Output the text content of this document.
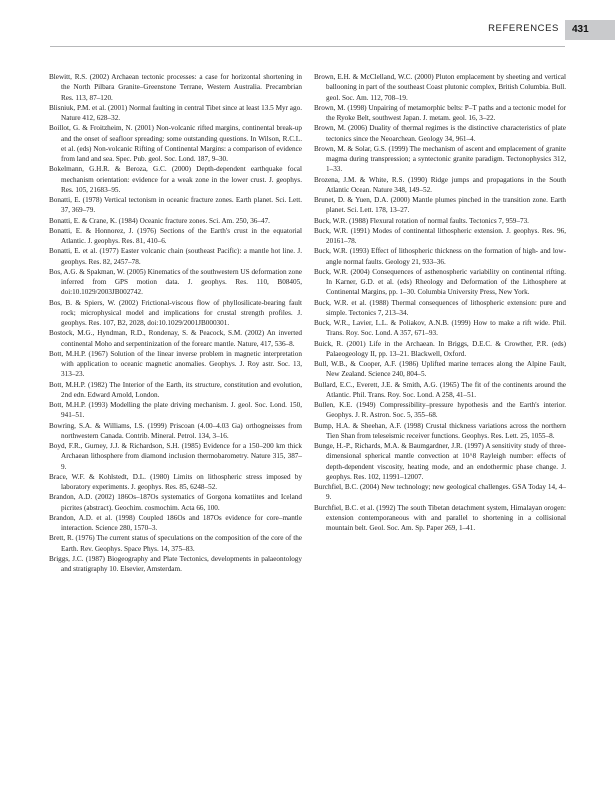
REFERENCES	431

Blewitt, R.S. (2002) Archaean tectonic processes: a case for horizontal shortening in the North Pilbara Granite–Greenstone Terrane, Western Australia. Precambrian Res. 113, 87–120.

Blisniuk, P.M. et al. (2001) Normal faulting in central Tibet since at least 13.5 Myr ago. Nature 412, 628–32.

Boillot, G. & Froitzheim, N. (2001) Non-volcanic rifted margins, continental break-up and the onset of seafloor spreading: some outstanding questions. In Wilson, R.C.L. et al. (eds) Non-volcanic Rifting of Continental Margins: a comparison of evidence from land and sea. Spec. Pub. geol. Soc. Lond. 187, 9–30.

Bokelmann, G.H.R. & Beroza, G.C. (2000) Depth-dependent earthquake focal mechanism orientation: evidence for a weak zone in the lower crust. J. geophys. Res. 105, 21683–95.

Bonatti, E. (1978) Vertical tectonism in oceanic fracture zones. Earth planet. Sci. Lett. 37, 369–79.

Bonatti, E. & Crane, K. (1984) Oceanic fracture zones. Sci. Am. 250, 36–47.

Bonatti, E. & Honnorez, J. (1976) Sections of the Earth's crust in the equatorial Atlantic. J. geophys. Res. 81, 410–6.

Bonatti, E. et al. (1977) Easter volcanic chain (southeast Pacific): a mantle hot line. J. geophys. Res. 82, 2457–78.

Bos, A.G. & Spakman, W. (2005) Kinematics of the southwestern US deformation zone inferred from GPS motion data. J. geophys. Res. 110, B08405, doi:10.1029/2003JB002742.

Bos, B. & Spiers, W. (2002) Frictional-viscous flow of phyllosilicate-bearing fault rock; microphysical model and implications for crustal strength profiles. J. geophys. Res. 107, B2, 2028, doi:10.1029/2001JB000301.

Bostock, M.G., Hyndman, R.D., Rondenay, S. & Peacock, S.M. (2002) An inverted continental Moho and serpentinization of the forearc mantle. Nature, 417, 536–8.

Bott, M.H.P. (1967) Solution of the linear inverse problem in magnetic interpretation with application to oceanic magnetic anomalies. Geophys. J. Roy astr. Soc. 13, 313–23.

Bott, M.H.P. (1982) The Interior of the Earth, its structure, constitution and evolution, 2nd edn. Edward Arnold, London.

Bott, M.H.P. (1993) Modelling the plate driving mechanism. J. geol. Soc. Lond. 150, 941–51.

Bowring, S.A. & Williams, I.S. (1999) Priscoan (4.00–4.03 Ga) orthogneisses from northwestern Canada. Contrib. Mineral. Petrol. 134, 3–16.

Boyd, F.R., Gurney, J.J. & Richardson, S.H. (1985) Evidence for a 150–200 km thick Archaean lithosphere from diamond inclusion thermobarometry. Nature 315, 387–9.

Brace, W.F. & Kohlstedt, D.L. (1980) Limits on lithospheric stress imposed by laboratory experiments. J. geophys. Res. 85, 6248–52.

Brandon, A.D. (2002) 186Os–187Os systematics of Gorgona komatiites and Iceland picrites (abstract). Geochim. cosmochim. Acta 66, 100.

Brandon, A.D. et al. (1998) Coupled 186Os and 187Os evidence for core–mantle interaction. Science 280, 1570–3.

Brett, R. (1976) The current status of speculations on the composition of the core of the Earth. Rev. Geophys. Space Phys. 14, 375–83.

Briggs, J.C. (1987) Biogeography and Plate Tectonics, developments in palaeontology and stratigraphy 10. Elsevier, Amsterdam.

Brown, E.H. & McClelland, W.C. (2000) Pluton emplacement by sheeting and vertical ballooning in part of the southeast Coast plutonic complex, British Columbia. Bull. geol. Soc. Am. 112, 708–19.

Brown, M. (1998) Unpairing of metamorphic belts: P–T paths and a tectonic model for the Ryoke Belt, southwest Japan. J. metam. geol. 16, 3–22.

Brown, M. (2006) Duality of thermal regimes is the distinctive characteristics of plate tectonics since the Neoarchean. Geology 34, 961–4.

Brown, M. & Solar, G.S. (1999) The mechanism of ascent and emplacement of granite magma during transpression; a syntectonic granite paradigm. Tectonophysics 312, 1–33.

Brozena, J.M. & White, R.S. (1990) Ridge jumps and propagations in the South Atlantic Ocean. Nature 348, 149–52.

Brunet, D. & Yuen, D.A. (2000) Mantle plumes pinched in the transition zone. Earth planet. Sci. Lett. 178, 13–27.

Buck, W.R. (1988) Flexural rotation of normal faults. Tectonics 7, 959–73.

Buck, W.R. (1991) Modes of continental lithospheric extension. J. geophys. Res. 96, 20161–78.

Buck, W.R. (1993) Effect of lithospheric thickness on the formation of high- and low-angle normal faults. Geology 21, 933–36.

Buck, W.R. (2004) Consequences of asthenospheric variability on continental rifting. In Karner, G.D. et al. (eds) Rheology and Deformation of the Lithosphere at Continental Margins, pp. 1–30. Columbia University Press, New York.

Buck, W.R. et al. (1988) Thermal consequences of lithospheric extension: pure and simple. Tectonics 7, 213–34.

Buck, W.R., Lavier, L.L. & Poliakov, A.N.B. (1999) How to make a rift wide. Phil. Trans. Roy. Soc. Lond. A 357, 671–93.

Buick, R. (2001) Life in the Archaean. In Briggs, D.E.C. & Crowther, P.R. (eds) Palaeogeology II, pp. 13–21. Blackwell, Oxford.

Bull, W.B., & Cooper, A.F. (1986) Uplifted marine terraces along the Alpine Fault, New Zealand. Science 240, 804–5.

Bullard, E.C., Everett, J.E. & Smith, A.G. (1965) The fit of the continents around the Atlantic. Phil. Trans. Roy. Soc. Lond. A 258, 41–51.

Bullen, K.E. (1949) Compressibility–pressure hypothesis and the Earth's interior. Geophys. J. R. Astron. Soc. 5, 355–68.

Bump, H.A. & Sheehan, A.F. (1998) Crustal thickness variations across the northern Tien Shan from teleseismic receiver functions. Geophys. Res. Lett. 25, 1055–8.

Bunge, H.-P., Richards, M.A. & Baumgardner, J.R. (1997) A sensitivity study of three-dimensional spherical mantle convection at 10^8 Rayleigh number: effects of depth-dependent viscosity, heating mode, and an endothermic phase change. J. geophys. Res. 102, 11991–12007.

Burchfiel, B.C. (2004) New technology; new geological challenges. GSA Today 14, 4–9.

Burchfiel, B.C. et al. (1992) The south Tibetan detachment system, Himalayan orogen: extension contemporaneous with and parallel to shortening in a collisional mountain belt. Geol. Soc. Am. Sp. Paper 269, 1–41.
